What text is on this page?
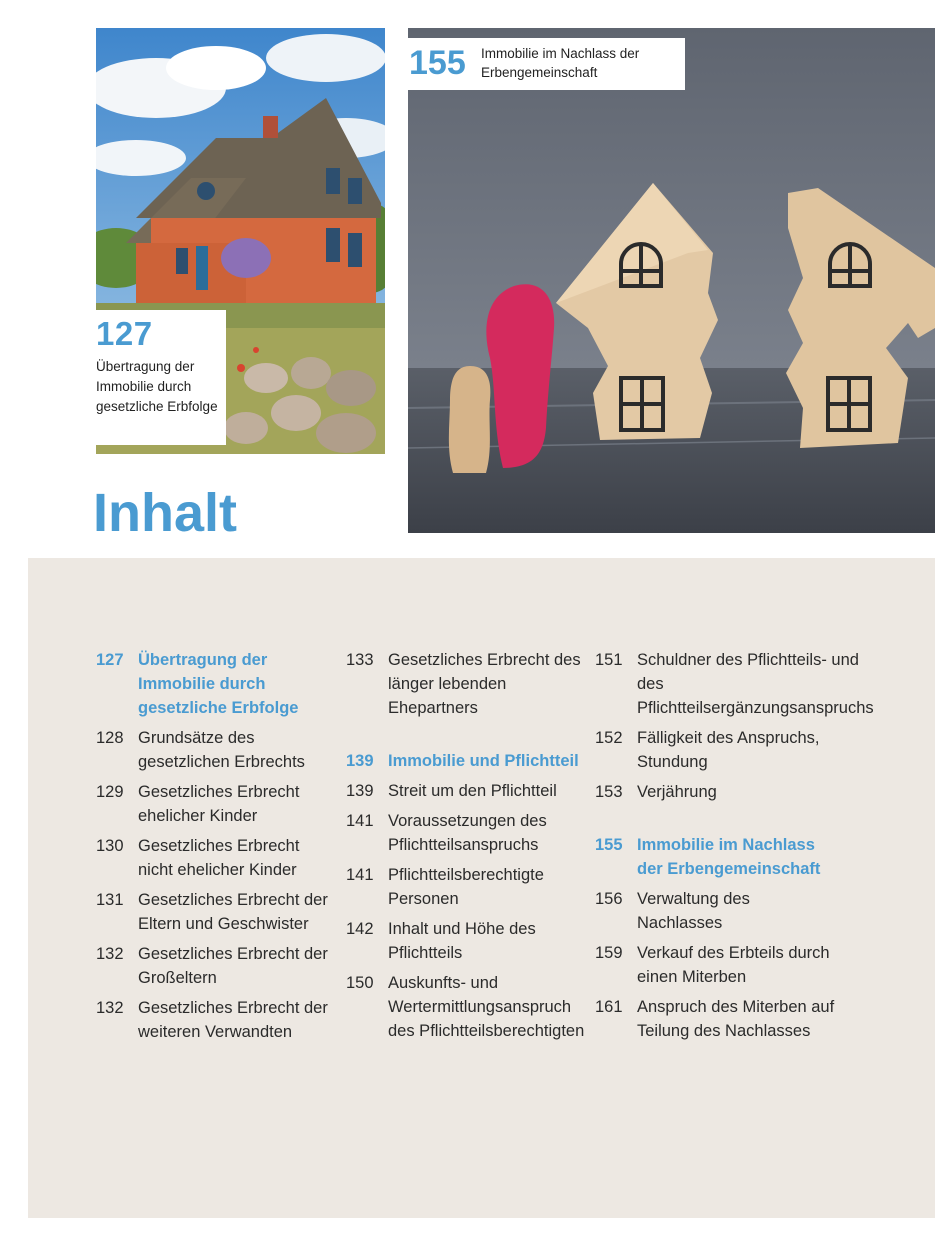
127
Übertragung der Immobilie durch gesetzliche Erbfolge
155 Immobilie im Nachlass der Erbengemeinschaft
Inhalt
127 Übertragung der Immobilie durch gesetzliche Erbfolge
128 Grundsätze des gesetzlichen Erbrechts
129 Gesetzliches Erbrecht ehelicher Kinder
130 Gesetzliches Erbrecht nicht ehelicher Kinder
131 Gesetzliches Erbrecht der Eltern und Geschwister
132 Gesetzliches Erbrecht der Großeltern
132 Gesetzliches Erbrecht der weiteren Verwandten
133 Gesetzliches Erbrecht des länger lebenden Ehepartners
139 Immobilie und Pflichtteil
139 Streit um den Pflichtteil
141 Voraussetzungen des Pflichtteilsanspruchs
141 Pflichtteilsberechtigte Personen
142 Inhalt und Höhe des Pflichtteils
150 Auskunfts- und Wertermittlungsanspruch des Pflichtteilsberechtigten
151 Schuldner des Pflichtteils- und des Pflichtteilsergänzungsanspruchs
152 Fälligkeit des Anspruchs, Stundung
153 Verjährung
155 Immobilie im Nachlass der Erbengemeinschaft
156 Verwaltung des Nachlasses
159 Verkauf des Erbteils durch einen Miterben
161 Anspruch des Miterben auf Teilung des Nachlasses
